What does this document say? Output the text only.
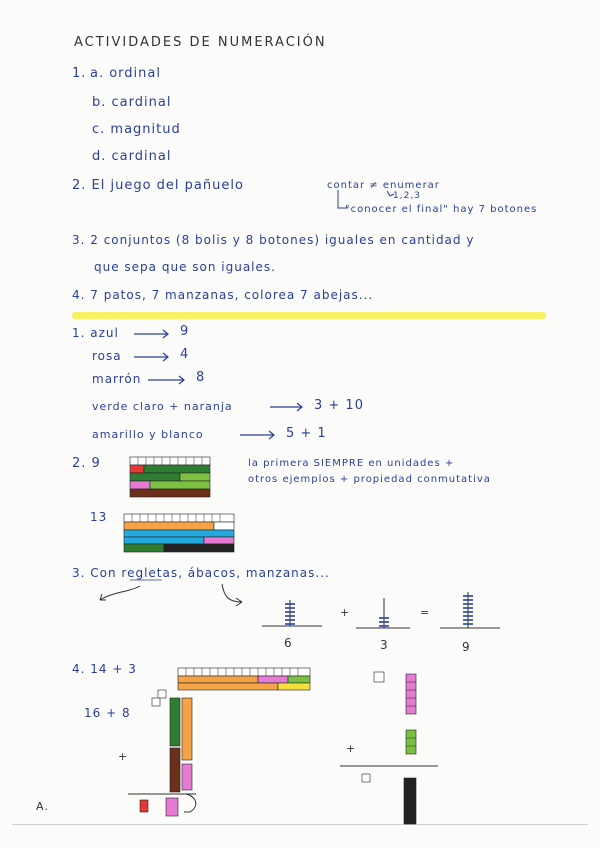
ACTIVIDADES DE NUMERACIÓN
a. ordinal
1.
b. cardinal
c. magnitud
d. cardinal
2. El juego del pañuelo	contar ≠ enumerar
1,2,3
"conocer el final" hay 7 botones
3. 2 conjuntos (8 bolis y 8 botones) iguales en cantidad y
que sepa que son iguales.
4. 7 patos, 7 manzanas, colorea 7 abejas...
1. azul	9
rosa	4
marrón	8
verde claro + naranja	3 + 10
amarillo y blanco	5 + 1
2. 9	la primera SIEMPRE en unidades +
otros ejemplos + propiedad conmutativa
13
3. Con regletas, ábacos, manzanas...
6	3	9
+	=
4. 14 + 3
16 + 8
+
A.
+
